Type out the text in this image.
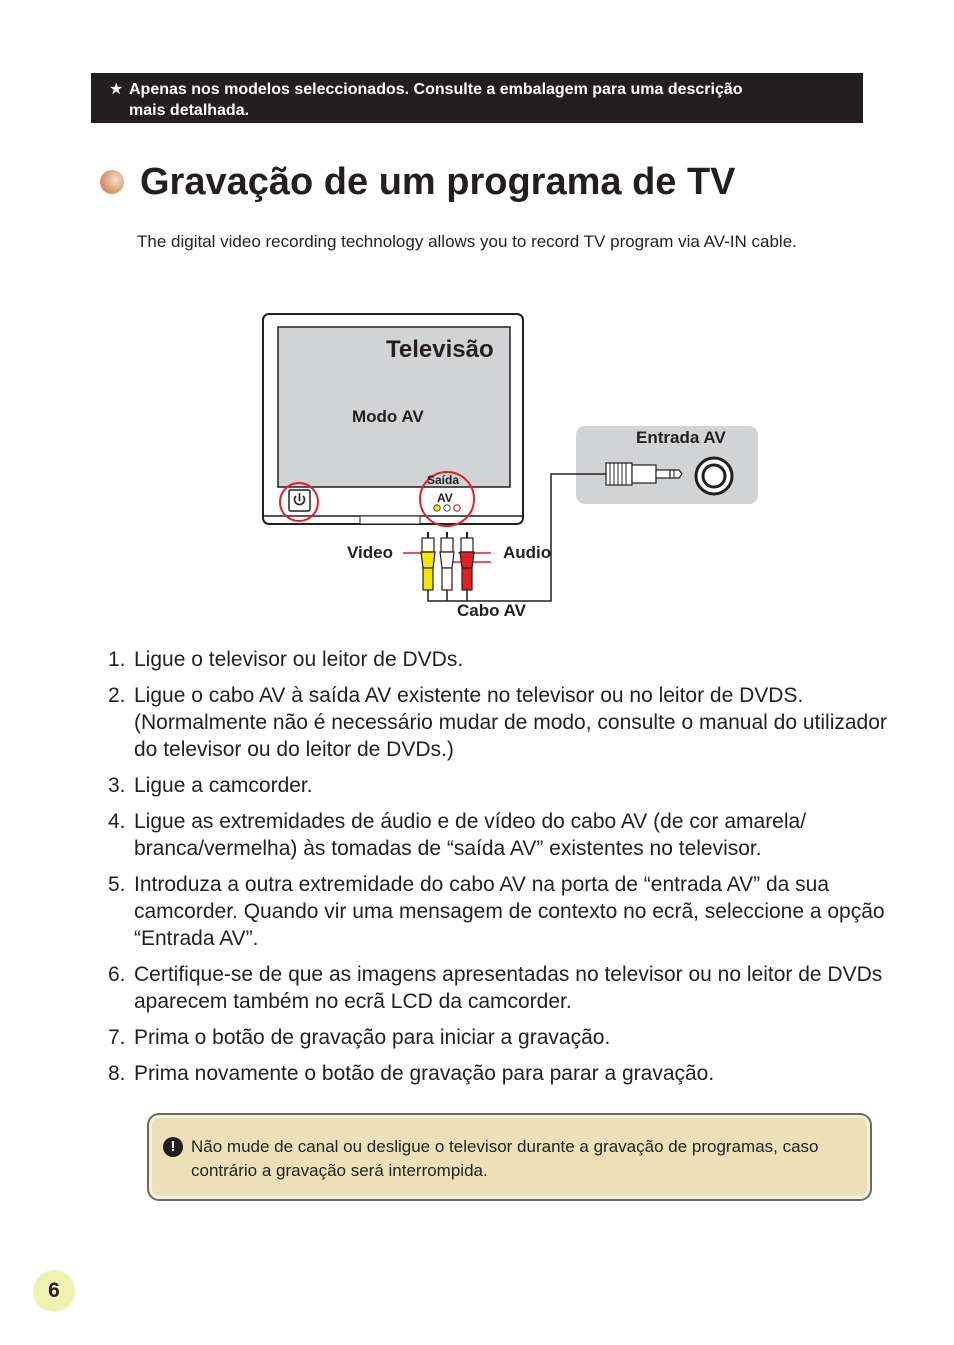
★ Apenas nos modelos seleccionados. Consulte a embalagem para uma descrição
mais detalhada.
Gravação de um programa de TV
The digital video recording technology allows you to record TV program via AV-IN cable.
Televisão
Modo AV
Saída
AV
Entrada AV
Video	Audio
Cabo AV
1. Ligue o televisor ou leitor de DVDs.
2. Ligue o cabo AV à saída AV existente no televisor ou no leitor de DVDS. (Normalmente não é necessário mudar de modo, consulte o manual do utilizador do televisor ou do leitor de DVDs.)
3. Ligue a camcorder.
4. Ligue as extremidades de áudio e de vídeo do cabo AV (de cor amarela/ branca/vermelha) às tomadas de “saída AV” existentes no televisor.
5. Introduza a outra extremidade do cabo AV na porta de “entrada AV” da sua camcorder. Quando vir uma mensagem de contexto no ecrã, seleccione a opção “Entrada AV”.
6. Certifique-se de que as imagens apresentadas no televisor ou no leitor de DVDs aparecem também no ecrã LCD da camcorder.
7. Prima o botão de gravação para iniciar a gravação.
8. Prima novamente o botão de gravação para parar a gravação.
! Não mude de canal ou desligue o televisor durante a gravação de programas, caso contrário a gravação será interrompida.
6
